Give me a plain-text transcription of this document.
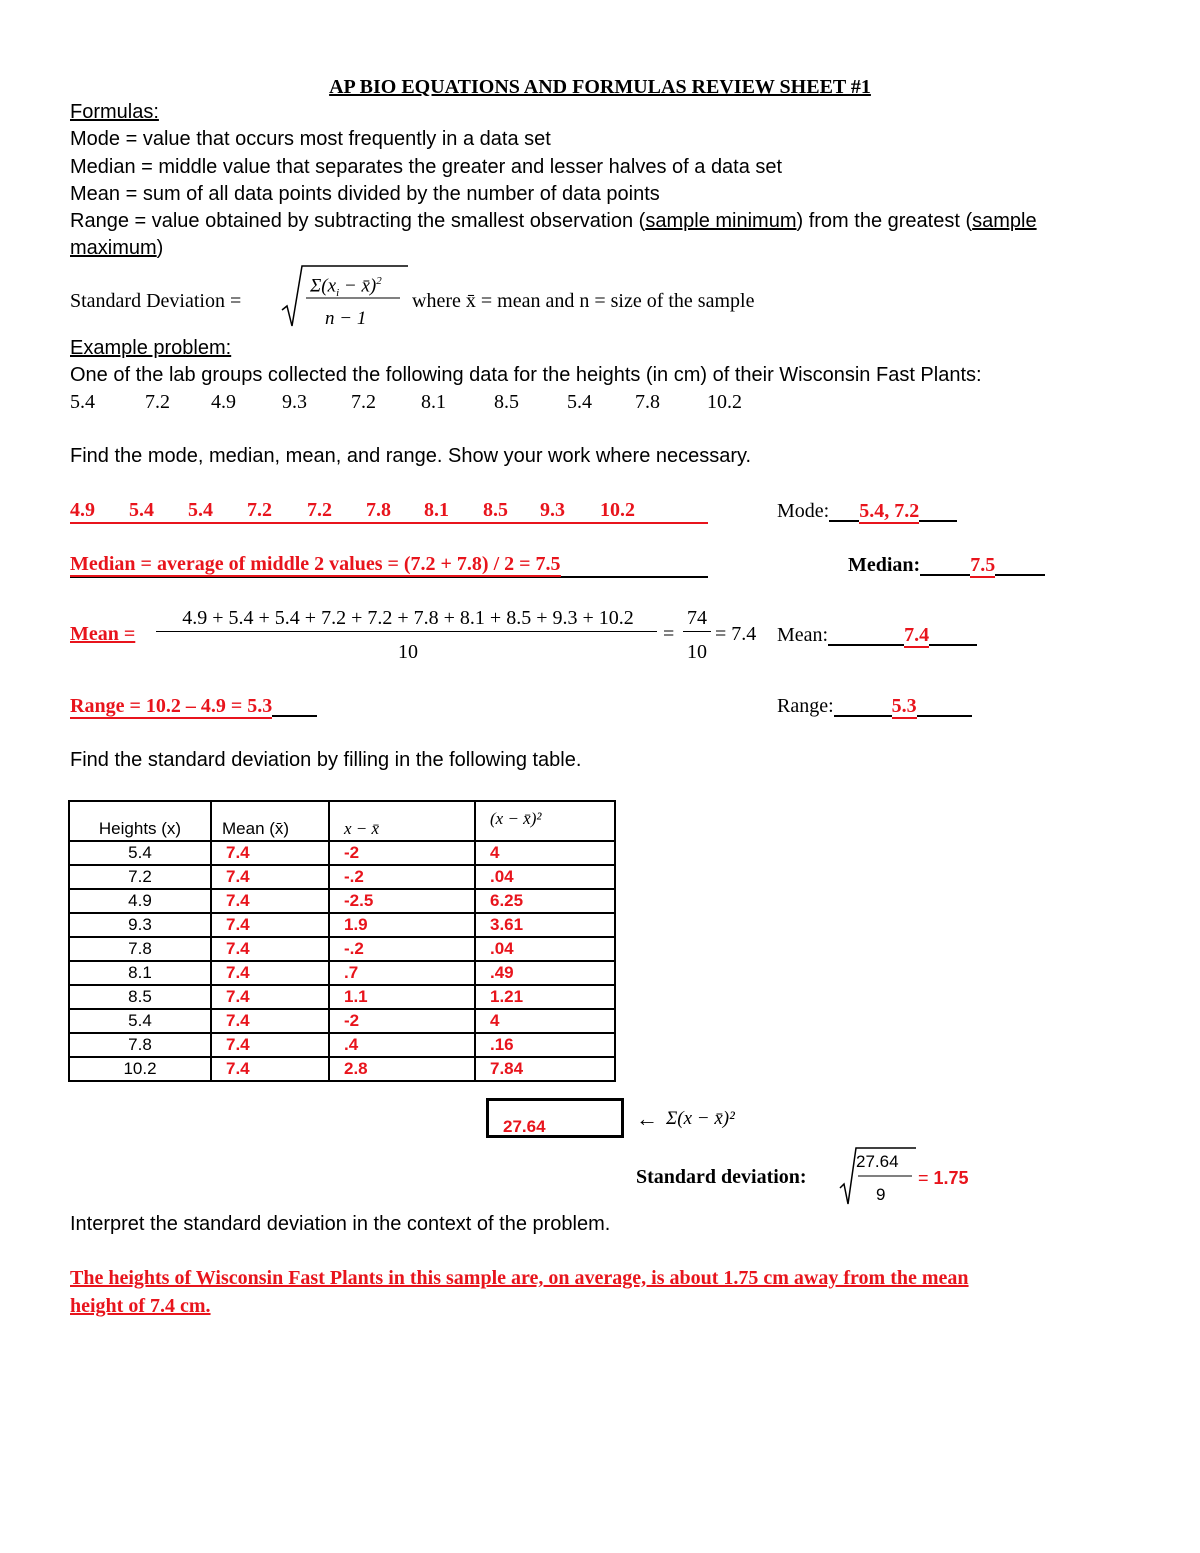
AP BIO EQUATIONS AND FORMULAS REVIEW SHEET #1
Formulas:
Mode = value that occurs most frequently in a data set
Median = middle value that separates the greater and lesser halves of a data set
Mean = sum of all data points divided by the number of data points
Range = value obtained by subtracting the smallest observation (sample minimum) from the greatest (sample
maximum)
Standard Deviation =
$\Sigma(x_i$ − x̄)$^2$
n − 1
where x̄ = mean and n = size of the sample
Example problem:
One of the lab groups collected the following data for the heights (in cm) of their Wisconsin Fast Plants:
5.4	7.2 4.9 9.3 7.2 8.1 8.5 5.4 7.8 10.2
Find the mode, median, mean, and range. Show your work where necessary.
4.9 5.4 5.4 7.2 7.2 7.8 8.1 8.5 9.3 10.2	Mode: 5.4, 7.2
Median = average of middle 2 values = (7.2 + 7.8) / 2 = 7.5	Median:	7.5
Mean =
4.9 + 5.4 + 5.4 + 7.2 + 7.2 + 7.8 + 8.1 + 8.5 + 9.3 + 10.2
10
=
74
10
= 7.4 Mean:	7.4
Range = 10.2 – 4.9 = 5.3	Range:	5.3
Find the standard deviation by filling in the following table.
Heights (x)	Mean (x̄)	x − x̄	(x − x̄)²
5.4	7.4	-2	4
7.2	7.4	-.2	.04
4.9	7.4	-2.5	6.25
9.3	7.4	1.9	3.61
7.8	7.4	-.2	.04
8.1	7.4	.7	.49
8.5	7.4	1.1	1.21
5.4	7.4	-2	4
7.8	7.4	.4	.16
10.2	7.4	2.8	7.84
27.64	← Σ(x − x̄)²
Standard deviation:
27.64
9
= 1.75
Interpret the standard deviation in the context of the problem.
The heights of Wisconsin Fast Plants in this sample are, on average, is about 1.75 cm away from the mean
height of 7.4 cm.
